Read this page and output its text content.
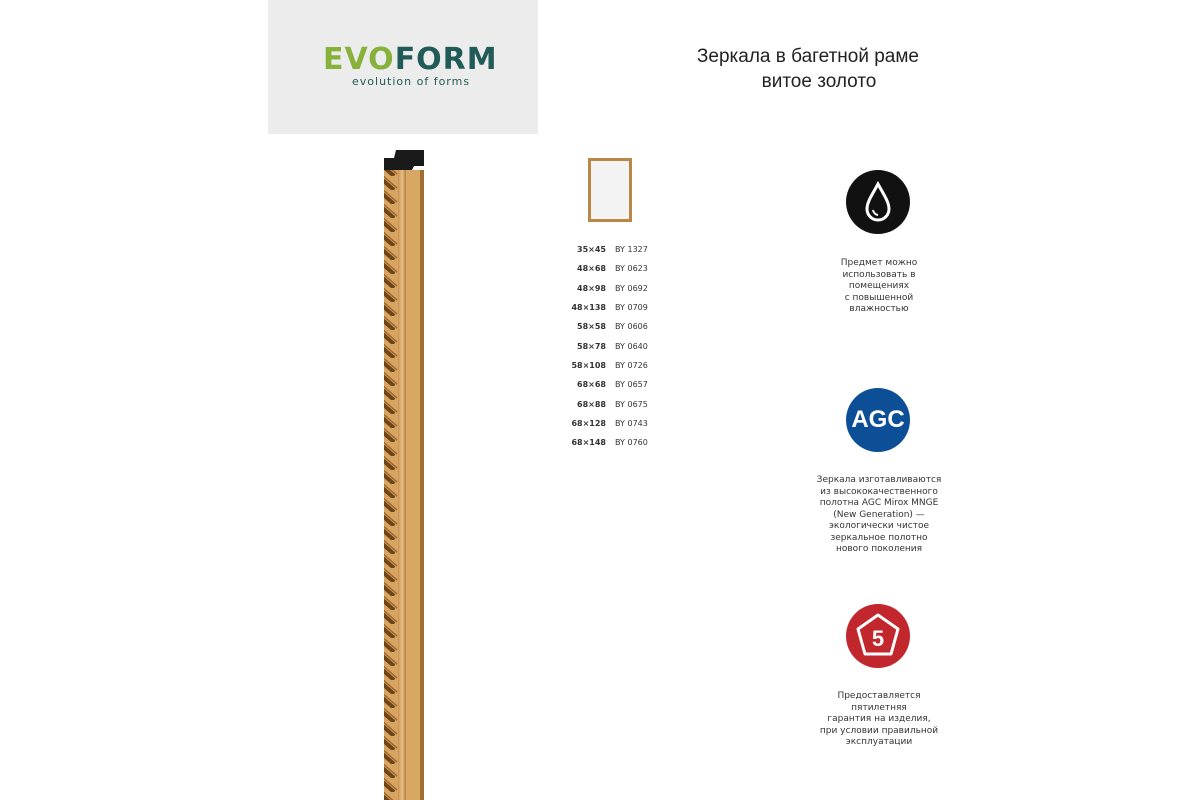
EVOFORM
evolution of forms
Зеркала в багетной раме

витое золото
35×45 BY 1327
48×68 BY 0623
48×98 BY 0692
48×138 BY 0709
58×58 BY 0606
58×78 BY 0640
58×108 BY 0726
68×68 BY 0657
68×88 BY 0675
68×128 BY 0743
68×148 BY 0760
Предмет можно
использовать в
помещениях
с повышенной
влажностью
AGC
Зеркала изготавливаются
из высококачественного
полотна AGC Mirox MNGE
(New Generation) —
экологически чистое
зеркальное полотно
нового поколения
5
Предоставляется
пятилетняя
гарантия на изделия,
при условии правильной
эксплуатации
